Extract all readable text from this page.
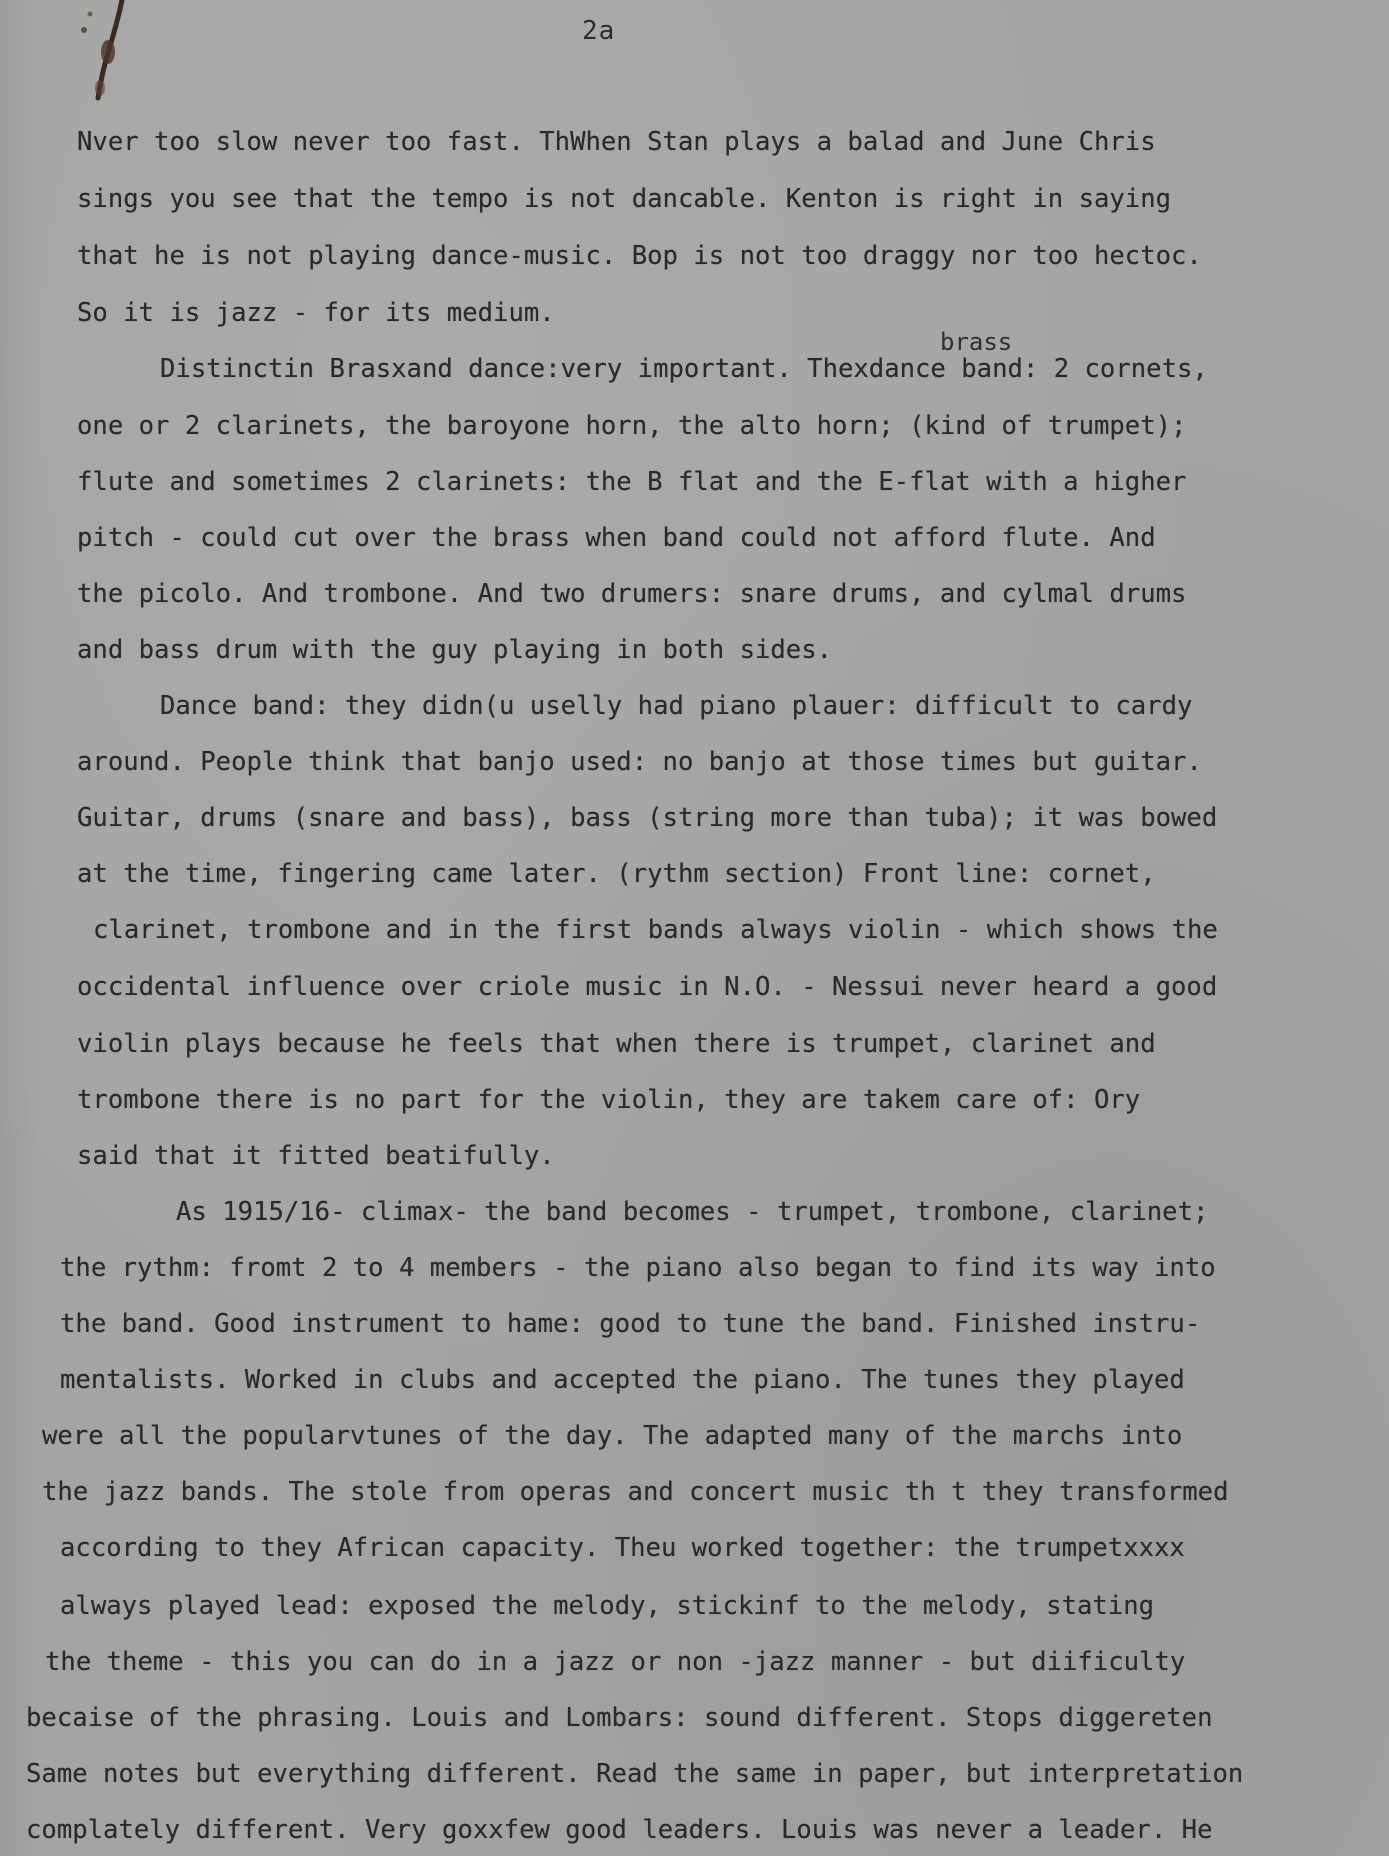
2a
brass
Nver too slow never too fast. ThWhen Stan plays a balad and June Chris
sings you see that the tempo is not dancable. Kenton is right in saying
that he is not playing dance-music. Bop is not too draggy nor too hectoc.
So it is jazz - for its medium.
Distinctin Brasxand dance:very important. Thexdance band: 2 cornets,
one or 2 clarinets, the baroyone horn, the alto horn; (kind of trumpet);
flute and sometimes 2 clarinets: the B flat and the E-flat with a higher
pitch - could cut over the brass when band could not afford flute. And
the picolo. And trombone. And two drumers: snare drums, and cylmal drums
and bass drum with the guy playing in both sides.
Dance band: they didn(u uselly had piano plauer: difficult to cardy
around. People think that banjo used: no banjo at those times but guitar.
Guitar, drums (snare and bass), bass (string more than tuba); it was bowed
at the time, fingering came later. (rythm section) Front line: cornet,
clarinet, trombone and in the first bands always violin - which shows the
occidental influence over criole music in N.O. - Nessui never heard a good
violin plays because he feels that when there is trumpet, clarinet and
trombone there is no part for the violin, they are takem care of: Ory
said that it fitted beatifully.
As 1915/16- climax- the band becomes - trumpet, trombone, clarinet;
the rythm: fromt 2 to 4 members - the piano also began to find its way into
the band. Good instrument to hame: good to tune the band. Finished instru-
mentalists. Worked in clubs and accepted the piano. The tunes they played
were all the popularvtunes of the day. The adapted many of the marchs into
the jazz bands. The stole from operas and concert music th t they transformed
according to they African capacity. Theu worked together: the trumpetxxxx
always played lead: exposed the melody, stickinf to the melody, stating
the theme - this you can do in a jazz or non -jazz manner - but diificulty
becaise of the phrasing. Louis and Lombars: sound different. Stops diggereten
Same notes but everything different. Read the same in paper, but interpretation
complately different. Very goxxfew good leaders. Louis was never a leader. He
